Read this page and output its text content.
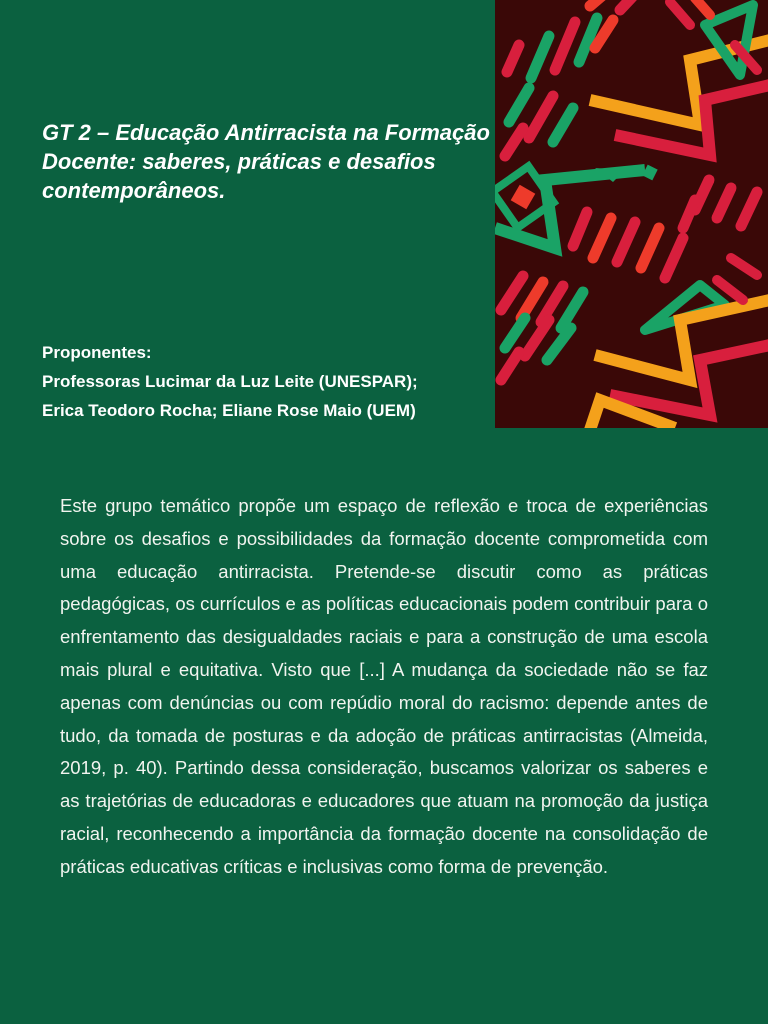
GT 2 – Educação Antirracista na Formação Docente: saberes, práticas e desafios contemporâneos.
Proponentes:
Professoras Lucimar da Luz Leite (UNESPAR);
Erica Teodoro Rocha; Eliane Rose Maio (UEM)

Este grupo temático propõe um espaço de reflexão e troca de experiências sobre os desafios e possibilidades da formação docente comprometida com uma educação antirracista. Pretende-se discutir como as práticas pedagógicas, os currículos e as políticas educacionais podem contribuir para o enfrentamento das desigualdades raciais e para a construção de uma escola mais plural e equitativa. Visto que [...] A mudança da sociedade não se faz apenas com denúncias ou com repúdio moral do racismo: depende antes de tudo, da tomada de posturas e da adoção de práticas antirracistas (Almeida, 2019, p. 40). Partindo dessa consideração, buscamos valorizar os saberes e as trajetórias de educadoras e educadores que atuam na promoção da justiça racial, reconhecendo a importância da formação docente na consolidação de práticas educativas críticas e inclusivas como forma de prevenção.
